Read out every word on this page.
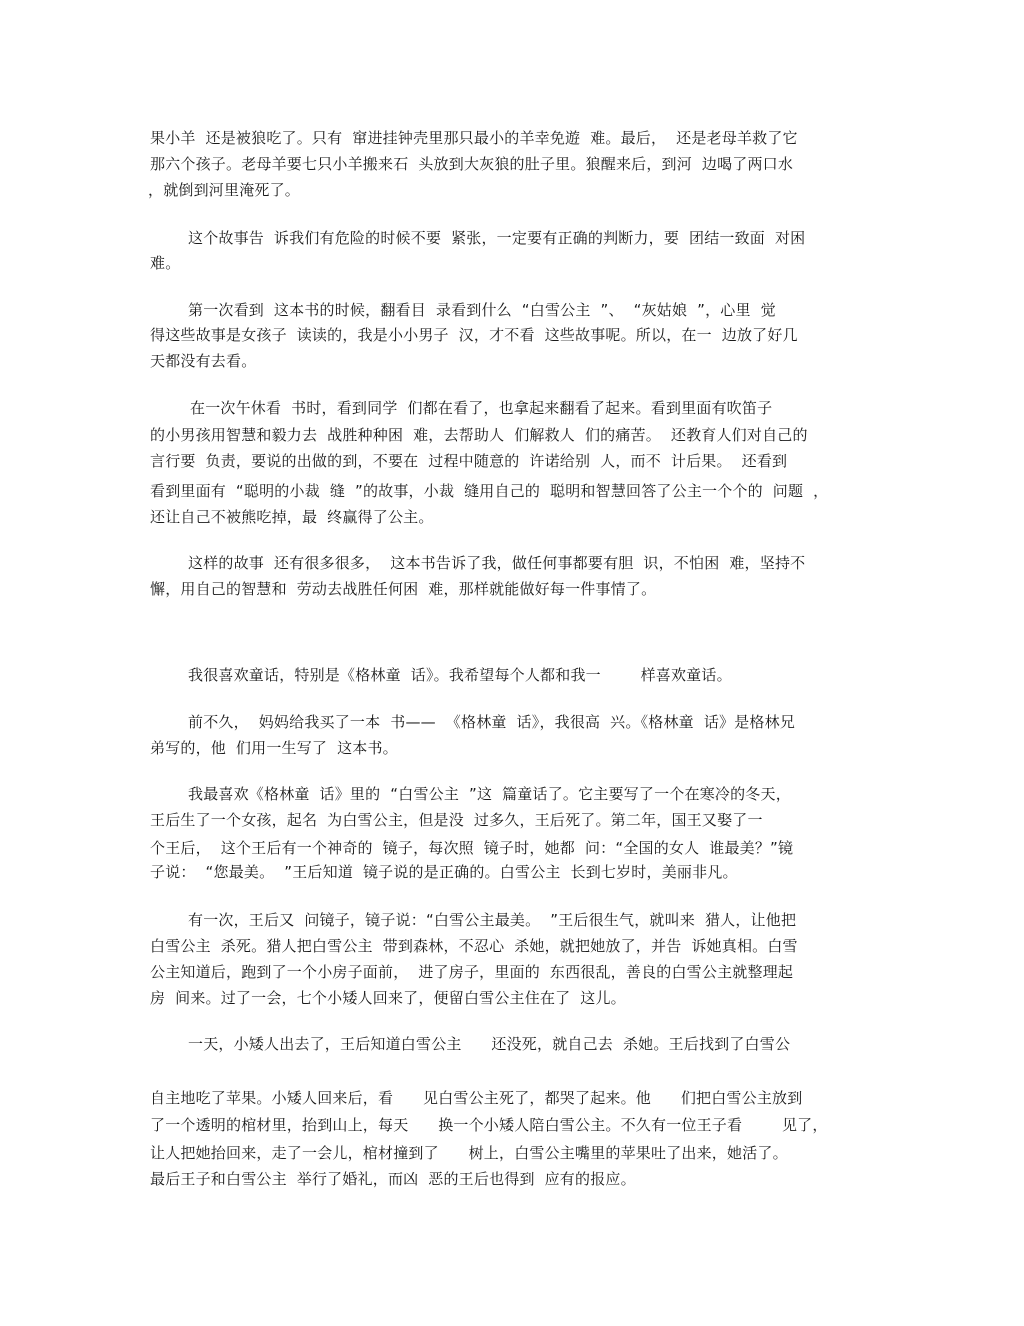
果小羊  还是被狼吃了。只有  窜进挂钟壳里那只最小的羊幸免遊  难。最后，  还是老母羊救了它
那六个孩子。老母羊要七只小羊搬来石  头放到大灰狼的肚子里。狼醒来后，到河  边喝了两口水
，就倒到河里淹死了。
这个故事告  诉我们有危险的时候不要  紧张，一定要有正确的判断力，要  团结一致面  对困
难。
第一次看到  这本书的时候，翻看目  录看到什么  “白雪公主  ”、  “灰姑娘  ”，心里  觉
得这些故事是女孩子  读读的，我是小小男子  汉，才不看  这些故事呢。所以，在一  边放了好几
天都没有去看。
在一次午休看  书时，看到同学  们都在看了，也拿起来翻看了起来。看到里面有吹笛子
的小男孩用智慧和毅力去  战胜种种困  难，去帮助人  们解救人  们的痛苦。  还教育人们对自己的
言行要  负责，要说的出做的到，不要在  过程中随意的  许诺给别  人，而不  计后果。  还看到
看到里面有  “聪明的小裁  缝  ”的故事，小裁  缝用自己的  聪明和智慧回答了公主一个个的  问题  ，
还让自己不被熊吃掉，最  终赢得了公主。
这样的故事  还有很多很多，  这本书告诉了我，做任何事都要有胆  识，不怕困  难，坚持不
懈，用自己的智慧和  劳动去战胜任何困  难，那样就能做好每一件事情了。
我很喜欢童话，特别是《格林童  话》。我希望每个人都和我一        样喜欢童话。
前不久，  妈妈给我买了一本  书——  《格林童  话》，我很高  兴。《格林童  话》是格林兄
弟写的，他  们用一生写了  这本书。
我最喜欢《格林童  话》里的  “白雪公主  ”这  篇童话了。它主要写了一个在寒冷的冬天，
王后生了一个女孩，起名  为白雪公主，但是没  过多久，王后死了。第二年，国王又娶了一
个王后，  这个王后有一个神奇的  镜子，每次照  镜子时，她都  问：“全国的女人  谁最美？”镜
子说：  “您最美。  ”王后知道  镜子说的是正确的。白雪公主  长到七岁时，美丽非凡。
有一次，王后又  问镜子，镜子说：“白雪公主最美。  ”王后很生气，就叫来  猎人，让他把
白雪公主  杀死。猎人把白雪公主  带到森林，不忍心  杀她，就把她放了，并告  诉她真相。白雪
公主知道后，跑到了一个小房子面前，  进了房子，里面的  东西很乱，善良的白雪公主就整理起
房  间来。过了一会，七个小矮人回来了，便留白雪公主住在了  这儿。
一天，小矮人出去了，王后知道白雪公主      还没死，就自己去  杀她。王后找到了白雪公
自主地吃了苹果。小矮人回来后，看      见白雪公主死了，都哭了起来。他      们把白雪公主放到
了一个透明的棺材里，抬到山上，每天      换一个小矮人陪白雪公主。不久有一位王子看        见了，
让人把她抬回来，走了一会儿，棺材撞到了      树上，白雪公主嘴里的苹果吐了出来，她活了。
最后王子和白雪公主  举行了婚礼，而凶  恶的王后也得到  应有的报应。
